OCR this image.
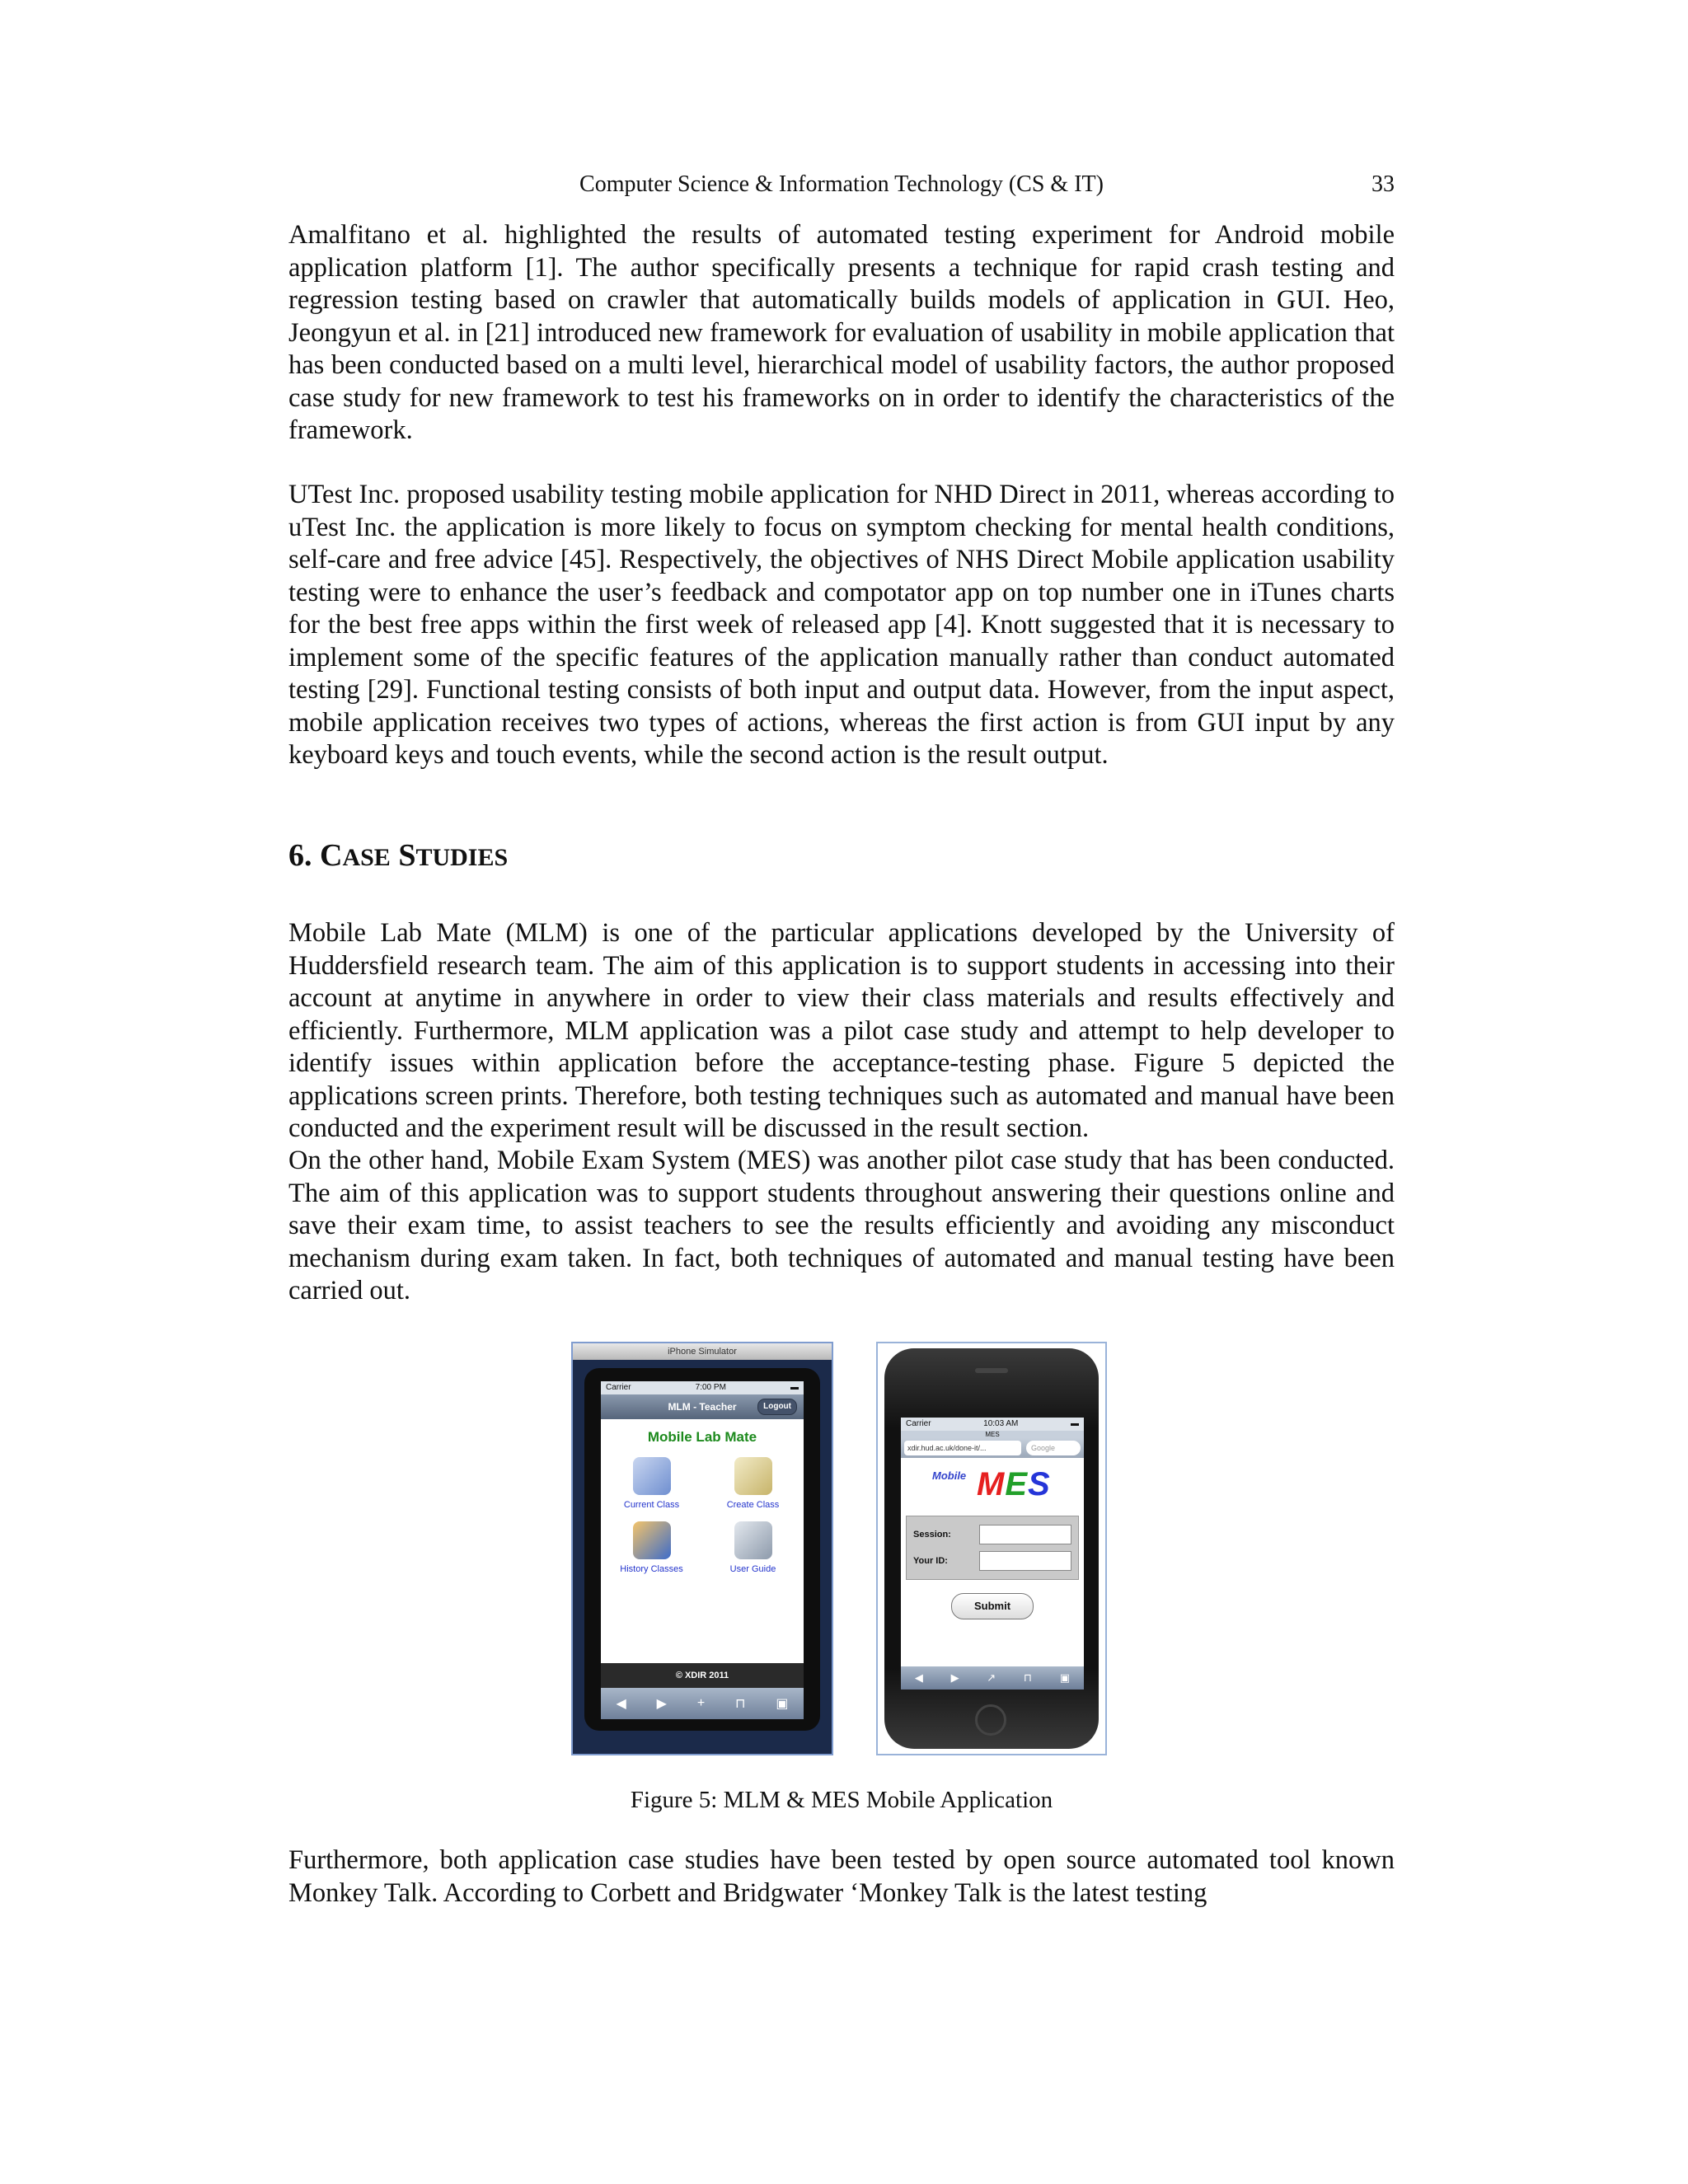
Computer Science & Information Technology (CS & IT)	33

Amalfitano et al. highlighted the results of automated testing experiment for Android mobile application platform [1]. The author specifically presents a technique for rapid crash testing and regression testing based on crawler that automatically builds models of application in GUI. Heo, Jeongyun et al. in [21] introduced new framework for evaluation of usability in mobile application that has been conducted based on a multi level, hierarchical model of usability factors, the author proposed case study for new framework to test his frameworks on in order to identify the characteristics of the framework.

UTest Inc. proposed usability testing mobile application for NHD Direct in 2011, whereas according to uTest Inc. the application is more likely to focus on symptom checking for mental health conditions, self-care and free advice [45]. Respectively, the objectives of NHS Direct Mobile application usability testing were to enhance the user’s feedback and compotator app on top number one in iTunes charts for the best free apps within the first week of released app [4]. Knott suggested that it is necessary to implement some of the specific features of the application manually rather than conduct automated testing [29]. Functional testing consists of both input and output data. However, from the input aspect, mobile application receives two types of actions, whereas the first action is from GUI input by any keyboard keys and touch events, while the second action is the result output.

6. CASE STUDIES

Mobile Lab Mate (MLM) is one of the particular applications developed by the University of Huddersfield research team. The aim of this application is to support students in accessing into their account at anytime in anywhere in order to view their class materials and results effectively and efficiently. Furthermore, MLM application was a pilot case study and attempt to help developer to identify issues within application before the acceptance-testing phase. Figure 5 depicted the applications screen prints. Therefore, both testing techniques such as automated and manual have been conducted and the experiment result will be discussed in the result section.

On the other hand, Mobile Exam System (MES) was another pilot case study that has been conducted. The aim of this application was to support students throughout answering their questions online and save their exam time, to assist teachers to see the results efficiently and avoiding any misconduct mechanism during exam taken. In fact, both techniques of automated and manual testing have been carried out.

iPhone Simulator
Carrier	7:00 PM	▬
MLM - Teacher	Logout
Mobile Lab Mate
Current Class	Create Class
History Classes	User Guide
© XDIR 2011
◀ ▶ + ⊓ ▣
Carrier	10:03 AM	▬
MES
xdir.hud.ac.uk/done-it/...	Google
Mobile MES
Session:
Your ID:
Submit
◀	▶	↗	⊓	▣
Figure 5: MLM & MES Mobile Application

Furthermore, both application case studies have been tested by open source automated tool known Monkey Talk. According to Corbett and Bridgwater ‘Monkey Talk is the latest testing
